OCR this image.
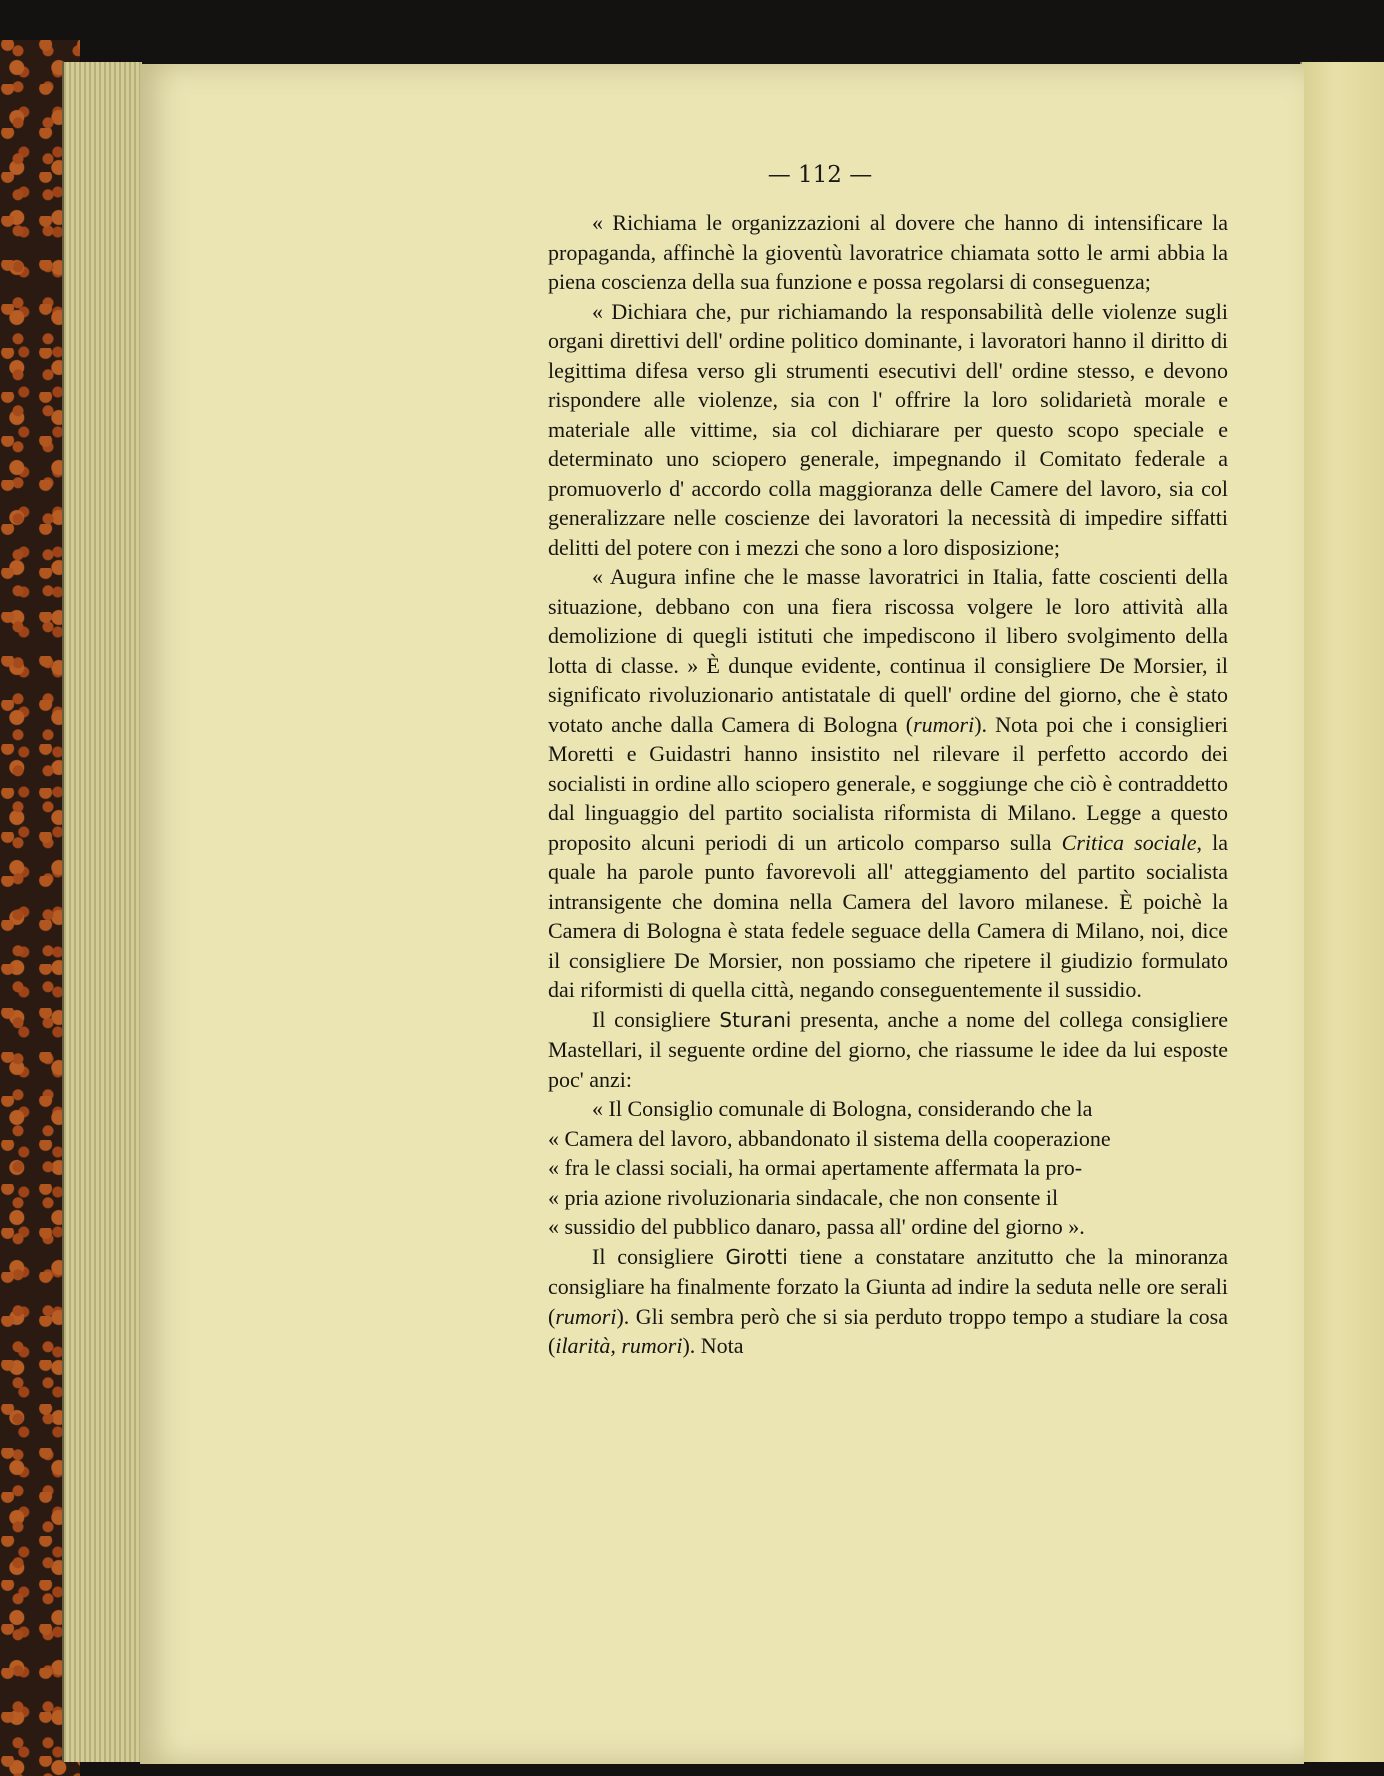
— 112 —

« Richiama le organizzazioni al dovere che hanno di intensificare la propaganda, affinchè la gioventù lavoratrice chiamata sotto le armi abbia la piena coscienza della sua funzione e possa regolarsi di conseguenza;

« Dichiara che, pur richiamando la responsabilità delle violenze sugli organi direttivi dell' ordine politico dominante, i lavoratori hanno il diritto di legittima difesa verso gli strumenti esecutivi dell' ordine stesso, e devono rispondere alle violenze, sia con l' offrire la loro solidarietà morale e materiale alle vittime, sia col dichiarare per questo scopo speciale e determinato uno sciopero generale, impegnando il Comitato federale a promuoverlo d' accordo colla maggioranza delle Camere del lavoro, sia col generalizzare nelle coscienze dei lavoratori la necessità di impedire siffatti delitti del potere con i mezzi che sono a loro disposizione;

« Augura infine che le masse lavoratrici in Italia, fatte coscienti della situazione, debbano con una fiera riscossa volgere le loro attività alla demolizione di quegli istituti che impediscono il libero svolgimento della lotta di classe. » È dunque evidente, continua il consigliere De Morsier, il significato rivoluzionario antistatale di quell' ordine del giorno, che è stato votato anche dalla Camera di Bologna (rumori). Nota poi che i consiglieri Moretti e Guidastri hanno insistito nel rilevare il perfetto accordo dei socialisti in ordine allo sciopero generale, e soggiunge che ciò è contraddetto dal linguaggio del partito socialista riformista di Milano. Legge a questo proposito alcuni periodi di un articolo comparso sulla Critica sociale, la quale ha parole punto favorevoli all' atteggiamento del partito socialista intransigente che domina nella Camera del lavoro milanese. È poichè la Camera di Bologna è stata fedele seguace della Camera di Milano, noi, dice il consigliere De Morsier, non possiamo che ripetere il giudizio formulato dai riformisti di quella città, negando conseguentemente il sussidio.

Il consigliere Sturani presenta, anche a nome del collega consigliere Mastellari, il seguente ordine del giorno, che riassume le idee da lui esposte poc' anzi:

« Il Consiglio comunale di Bologna, considerando che la
« Camera del lavoro, abbandonato il sistema della cooperazione
« fra le classi sociali, ha ormai apertamente affermata la pro-
« pria azione rivoluzionaria sindacale, che non consente il
« sussidio del pubblico danaro, passa all' ordine del giorno ».

Il consigliere Girotti tiene a constatare anzitutto che la minoranza consigliare ha finalmente forzato la Giunta ad indire la seduta nelle ore serali (rumori). Gli sembra però che si sia perduto troppo tempo a studiare la cosa (ilarità, rumori). Nota
